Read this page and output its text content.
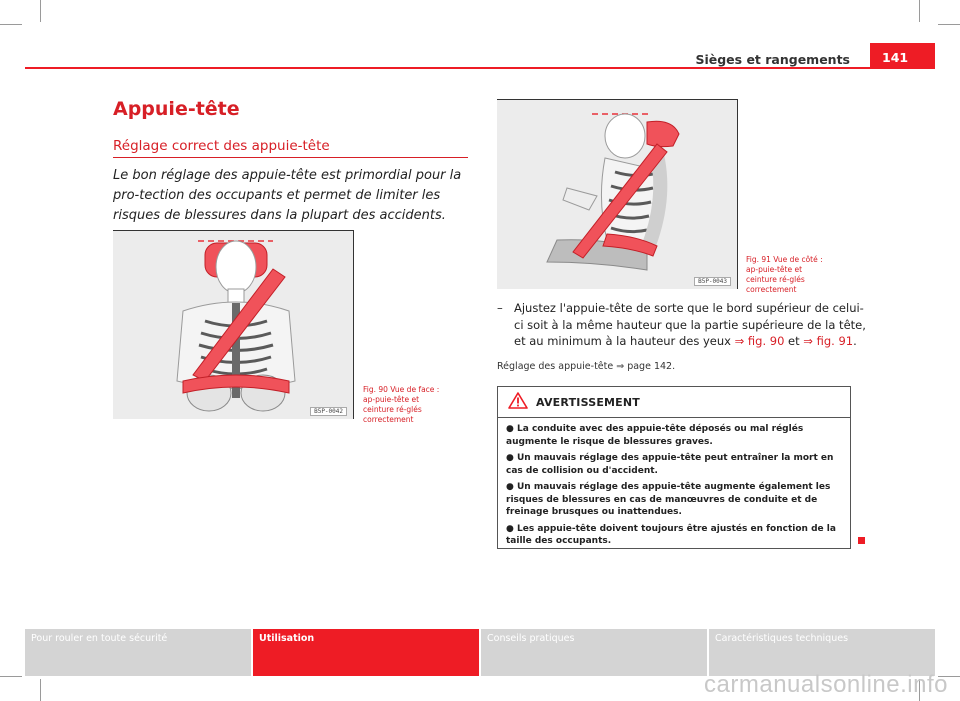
Sièges et rangements	141
Appuie-tête
Réglage correct des appuie-tête
Le bon réglage des appuie-tête est primordial pour la pro-tection des occupants et permet de limiter les risques de blessures dans la plupart des accidents.
B5P-0042
Fig. 90 Vue de face : ap-puie-tête et ceinture ré-glés correctement
B5P-0043
Fig. 91 Vue de côté : ap-puie-tête et ceinture ré-glés correctement
– Ajustez l'appuie-tête de sorte que le bord supérieur de celui-ci soit à la même hauteur que la partie supérieure de la tête, et au minimum à la hauteur des yeux ⇒ fig. 90 et ⇒ fig. 91.
Réglage des appuie-tête ⇒ page 142.
AVERTISSEMENT
● La conduite avec des appuie-tête déposés ou mal réglés augmente le risque de blessures graves.
● Un mauvais réglage des appuie-tête peut entraîner la mort en cas de collision ou d'accident.
● Un mauvais réglage des appuie-tête augmente également les risques de blessures en cas de manœuvres de conduite et de freinage brusques ou inattendues.
● Les appuie-tête doivent toujours être ajustés en fonction de la taille des occupants.
Pour rouler en toute sécurité	Utilisation	Conseils pratiques	Caractéristiques techniques
carmanualsonline.info
